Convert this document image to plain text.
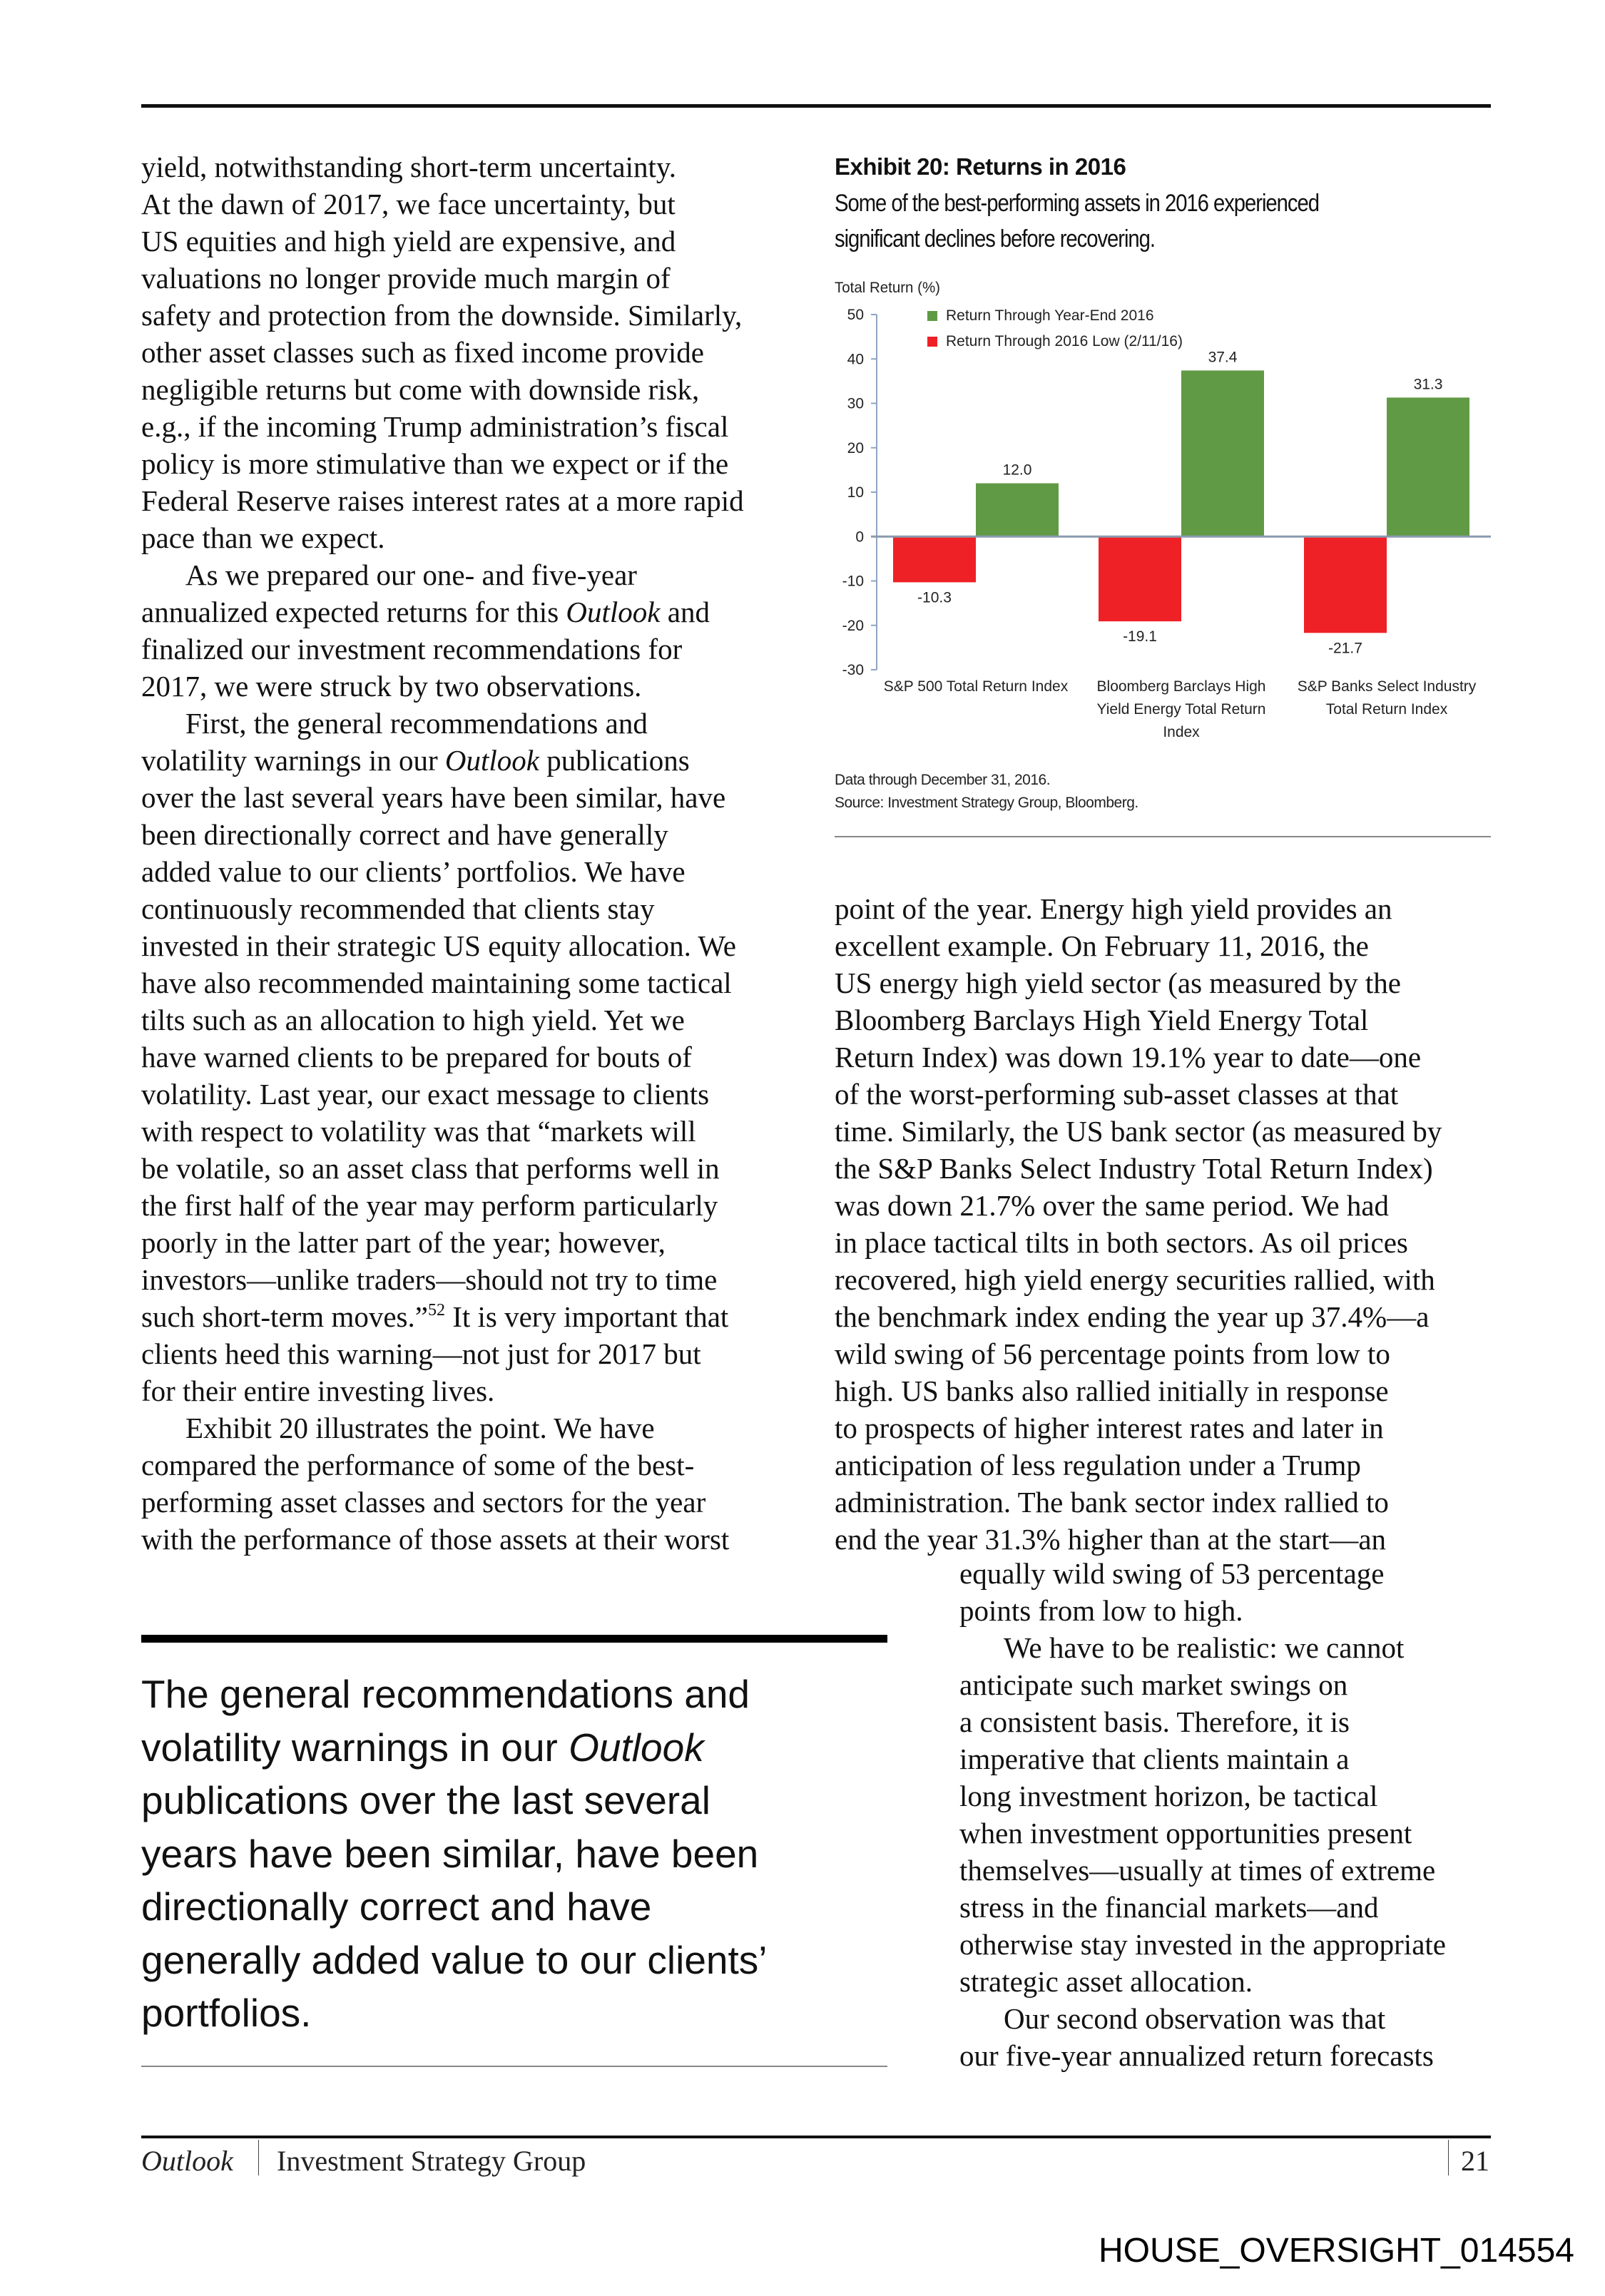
yield, notwithstanding short-term uncertainty.
At the dawn of 2017, we face uncertainty, but
US equities and high yield are expensive, and
valuations no longer provide much margin of
safety and protection from the downside. Similarly,
other asset classes such as fixed income provide
negligible returns but come with downside risk,
e.g., if the incoming Trump administration’s fiscal
policy is more stimulative than we expect or if the
Federal Reserve raises interest rates at a more rapid
pace than we expect.

As we prepared our one- and five-year
annualized expected returns for this Outlook and
finalized our investment recommendations for
2017, we were struck by two observations.

First, the general recommendations and
volatility warnings in our Outlook publications
over the last several years have been similar, have
been directionally correct and have generally
added value to our clients’ portfolios. We have
continuously recommended that clients stay
invested in their strategic US equity allocation. We
have also recommended maintaining some tactical
tilts such as an allocation to high yield. Yet we
have warned clients to be prepared for bouts of
volatility. Last year, our exact message to clients
with respect to volatility was that “markets will
be volatile, so an asset class that performs well in
the first half of the year may perform particularly
poorly in the latter part of the year; however,
investors—unlike traders—should not try to time
such short-term moves.”$^{52}$ It is very important that
clients heed this warning—not just for 2017 but
for their entire investing lives.

Exhibit 20 illustrates the point. We have
compared the performance of some of the best-
performing asset classes and sectors for the year
with the performance of those assets at their worst

Exhibit 20: Returns in 2016
Some of the best-performing assets in 2016 experienced
significant declines before recovering.
Total Return (%)
50
40
30
20
10
0
-10
-20
-30
-10.3
-19.1
-21.7
12.0
37.4
31.3
S&P 500 Total Return Index Bloomberg Barclays High
Yield Energy Total Return
Index
S&P Banks Select Industry
Total Return Index
Return Through Year-End 2016
Return Through 2016 Low (2/11/16)
Data through December 31, 2016.
Source: Investment Strategy Group, Bloomberg.

point of the year. Energy high yield provides an
excellent example. On February 11, 2016, the
US energy high yield sector (as measured by the
Bloomberg Barclays High Yield Energy Total
Return Index) was down 19.1% year to date—one
of the worst-performing sub-asset classes at that
time. Similarly, the US bank sector (as measured by
the S&P Banks Select Industry Total Return Index)
was down 21.7% over the same period. We had
in place tactical tilts in both sectors. As oil prices
recovered, high yield energy securities rallied, with
the benchmark index ending the year up 37.4%—a
wild swing of 56 percentage points from low to
high. US banks also rallied initially in response
to prospects of higher interest rates and later in
anticipation of less regulation under a Trump
administration. The bank sector index rallied to
end the year 31.3% higher than at the start—an

equally wild swing of 53 percentage
points from low to high.

We have to be realistic: we cannot
anticipate such market swings on
a consistent basis. Therefore, it is
imperative that clients maintain a
long investment horizon, be tactical
when investment opportunities present
themselves—usually at times of extreme
stress in the financial markets—and
otherwise stay invested in the appropriate
strategic asset allocation.

Our second observation was that
our five-year annualized return forecasts

The general recommendations and
volatility warnings in our Outlook
publications over the last several
years have been similar, have been
directionally correct and have
generally added value to our clients’
portfolios.
Outlook Investment Strategy Group	21
HOUSE_OVERSIGHT_014554
